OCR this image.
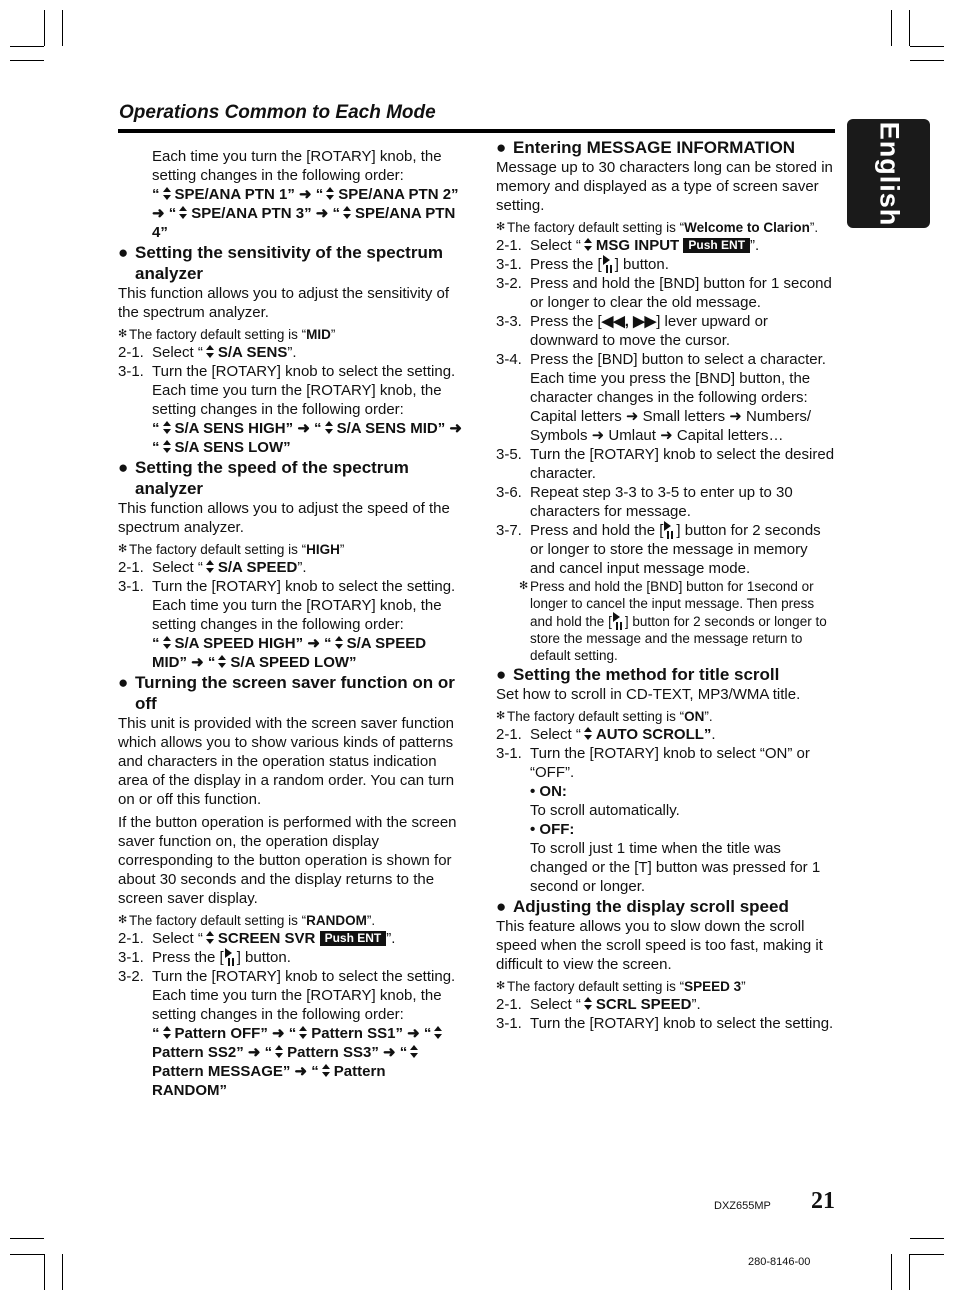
Operations Common to Each Mode
English

Each time you turn the [ROTARY] knob, the setting changes in the following order:

“ SPE/ANA PTN 1” ➜ “ SPE/ANA PTN 2” ➜ “ SPE/ANA PTN 3” ➜ “ SPE/ANA PTN 4”

● Setting the sensitivity of the spectrum analyzer

This function allows you to adjust the sensitivity of the spectrum analyzer.

✻ The factory default setting is “MID”

2-1. Select “ S/A SENS”.

3-1. Turn the [ROTARY] knob to select the setting.

Each time you turn the [ROTARY] knob, the setting changes in the following order:

“ S/A SENS HIGH” ➜ “ S/A SENS MID” ➜ “ S/A SENS LOW”

● Setting the speed of the spectrum analyzer

This function allows you to adjust the speed of the spectrum analyzer.

✻ The factory default setting is “HIGH”

2-1. Select “ S/A SPEED”.

3-1. Turn the [ROTARY] knob to select the setting.

Each time you turn the [ROTARY] knob, the setting changes in the following order:

“ S/A SPEED HIGH” ➜ “ S/A SPEED MID” ➜ “ S/A SPEED LOW”

● Turning the screen saver function on or off

This unit is provided with the screen saver function which allows you to show various kinds of patterns and characters in the operation status indication area of the display in a random order. You can turn on or off this function.

If the button operation is performed with the screen saver function on, the operation display corresponding to the button operation is shown for about 30 seconds and the display returns to the screen saver display.

✻ The factory default setting is “RANDOM”.

2-1. Select “ SCREEN SVR Push ENT ”.

3-1. Press the [ ] button.

3-2. Turn the [ROTARY] knob to select the setting. Each time you turn the [ROTARY] knob, the setting changes in the following order:

“ Pattern OFF” ➜ “ Pattern SS1” ➜ “Pattern SS2” ➜ “ Pattern SS3” ➜ “Pattern MESSAGE” ➜ “ Pattern RANDOM”

● Entering MESSAGE INFORMATION

Message up to 30 characters long can be stored in memory and displayed as a type of screen saver setting.

✻ The factory default setting is “Welcome to Clarion”.

2-1. Select “ MSG INPUT Push ENT ”.

3-1. Press the [ ] button.

3-2. Press and hold the [BND] button for 1 second or longer to clear the old message.

3-3. Press the [◀◀, ▶▶] lever upward or downward to move the cursor.

3-4. Press the [BND] button to select a character. Each time you press the [BND] button, the character changes in the following orders:

Capital letters ➜ Small letters ➜ Numbers/ Symbols ➜ Umlaut ➜ Capital letters…

3-5. Turn the [ROTARY] knob to select the desired character.

3-6. Repeat step 3-3 to 3-5 to enter up to 30 characters for message.

3-7. Press and hold the [ ] button for 2 seconds or longer to store the message in memory and cancel input message mode.

✻ Press and hold the [BND] button for 1second or longer to cancel the input message. Then press and hold the [ ] button for 2 seconds or longer to store the message and the message return to default setting.

● Setting the method for title scroll

Set how to scroll in CD-TEXT, MP3/WMA title.

✻ The factory default setting is “ON”.

2-1. Select “ AUTO SCROLL”.

3-1. Turn the [ROTARY] knob to select “ON” or “OFF”.

• ON:

To scroll automatically.

• OFF:

To scroll just 1 time when the title was changed or the [T] button was pressed for 1 second or longer.

● Adjusting the display scroll speed

This feature allows you to slow down the scroll speed when the scroll speed is too fast, making it difficult to view the screen.

✻ The factory default setting is “SPEED 3”

2-1. Select “ SCRL SPEED”.

3-1. Turn the [ROTARY] knob to select the setting.

DXZ655MP 21
280-8146-00
